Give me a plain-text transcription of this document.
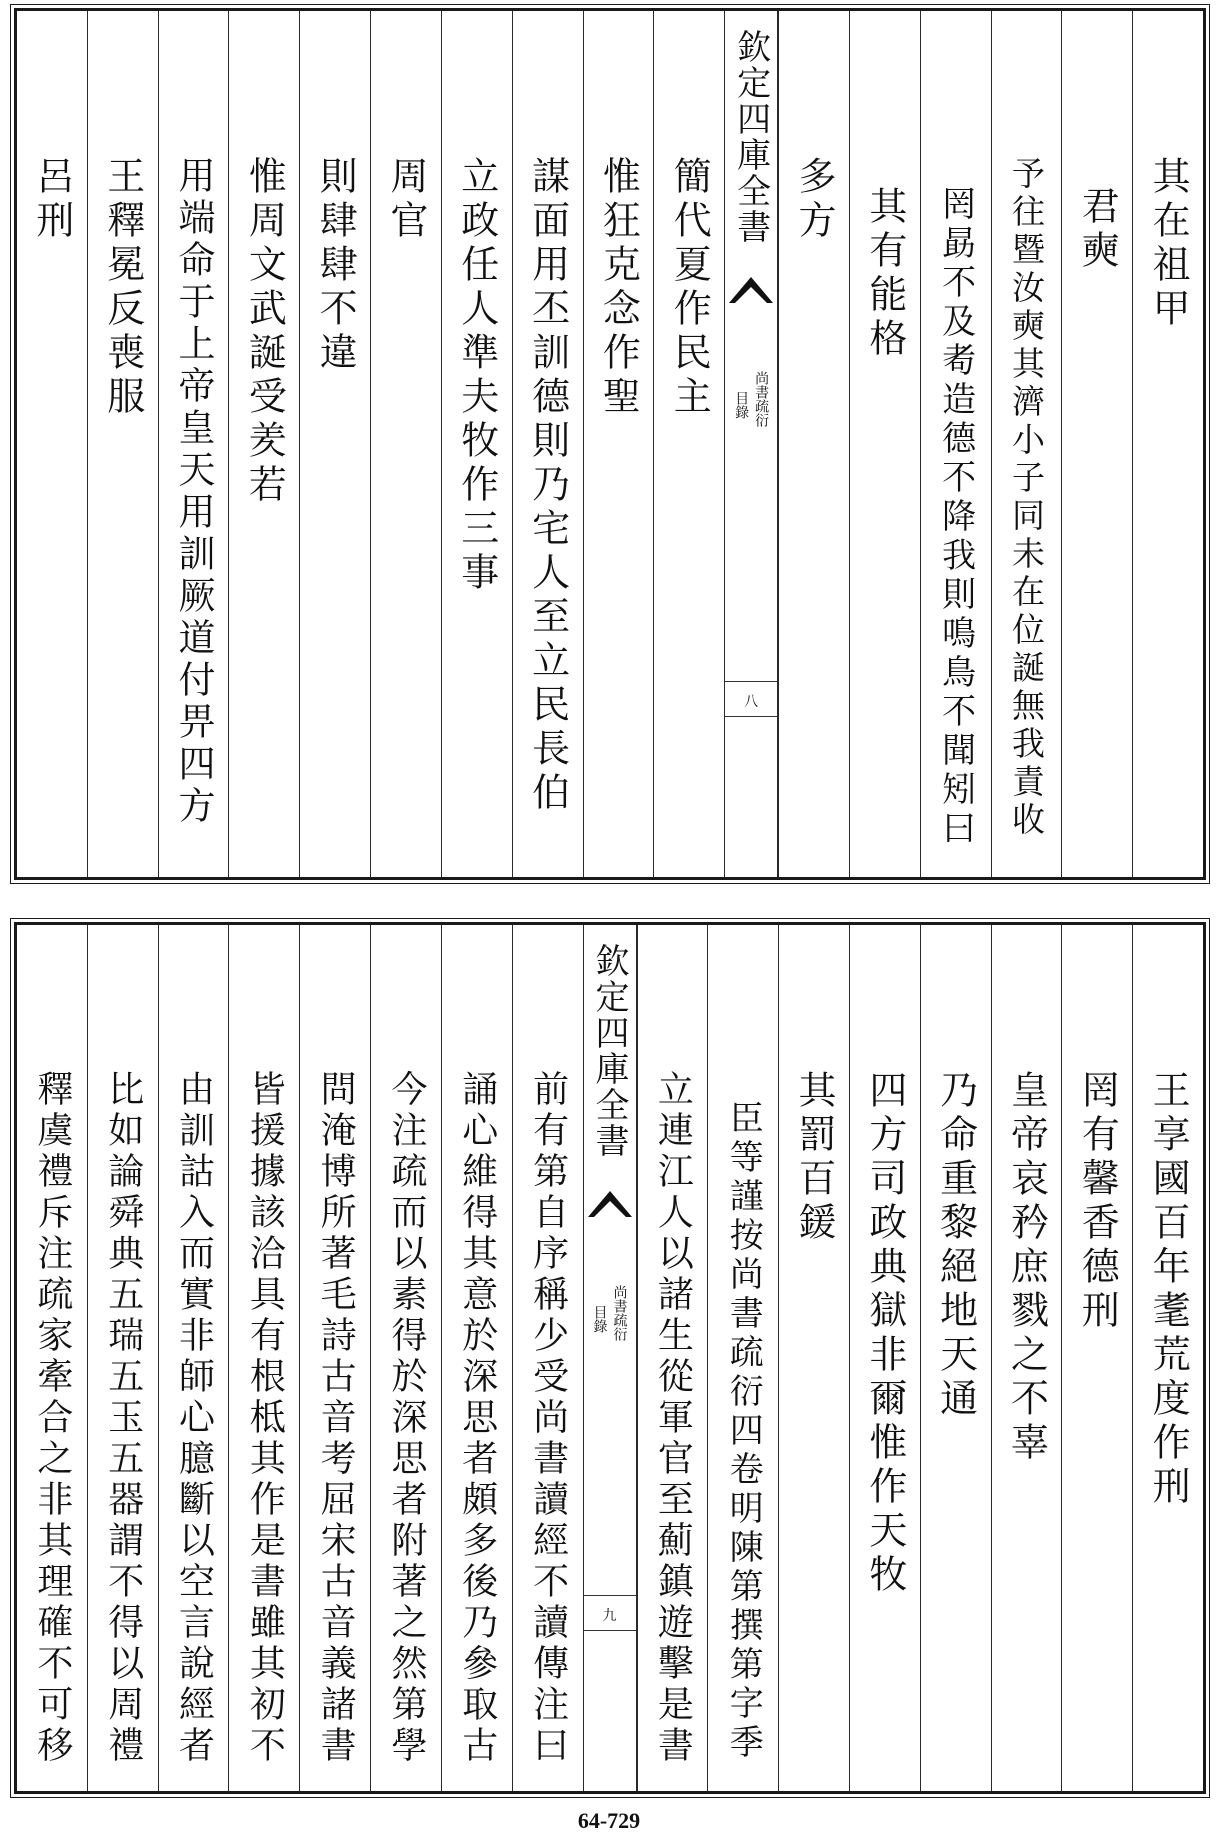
其在祖甲
君奭
予往暨汝奭其濟小子同未在位誕無我責收
罔勗不及耇造德不降我則鳴鳥不聞矧曰
其有能格
多方
欽定四庫全書
尚書疏衍
目錄
八
簡代夏作民主
惟狂克念作聖
謀面用丕訓德則乃宅人至立民長伯
立政任人準夫牧作三事
周官
則肆肆不違
惟周文武誕受羑若
用端命于上帝皇天用訓厥道付畀四方
王釋冕反喪服
呂刑
王享國百年耄荒度作刑
罔有馨香德刑
皇帝哀矜庶戮之不辜
乃命重黎絕地天通
四方司政典獄非爾惟作天牧
其罰百鍰
臣等謹按尚書疏衍四卷明陳第撰第字季
立連江人以諸生從軍官至薊鎮遊擊是書
欽定四庫全書
尚書疏衍
目錄
九
前有第自序稱少受尚書讀經不讀傳注曰
誦心維得其意於深思者頗多後乃參取古
今注疏而以素得於深思者附著之然第學
問淹博所著毛詩古音考屈宋古音義諸書
皆援據該洽具有根柢其作是書雖其初不
由訓詁入而實非師心臆斷以空言說經者
比如論舜典五瑞五玉五器謂不得以周禮
釋虞禮斥注疏家牽合之非其理確不可移
64-729
